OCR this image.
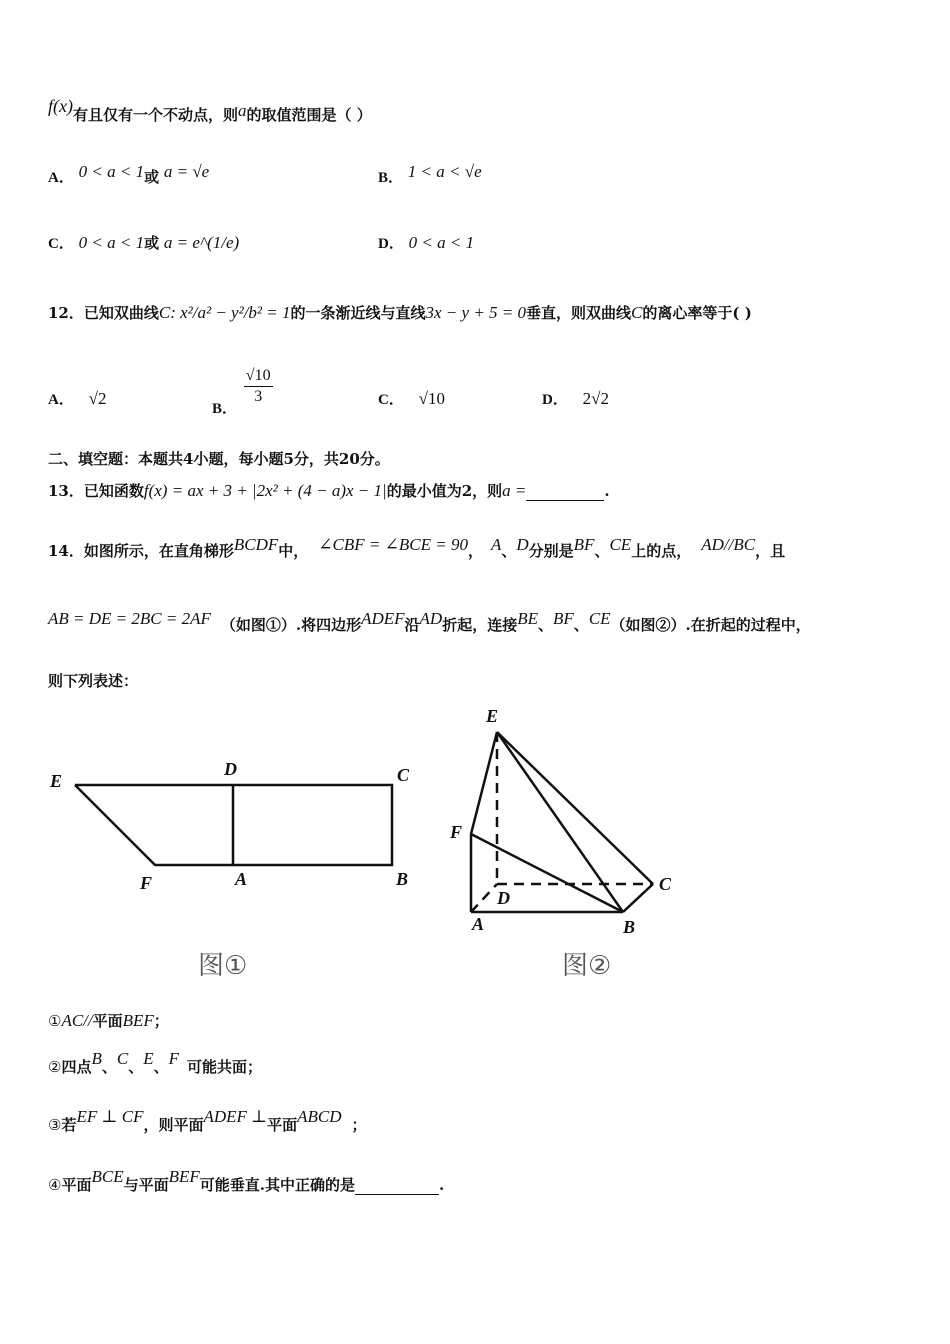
f(x)有且仅有一个不动点，则a的取值范围是（ ）
A． 0 < a < 1或 a = √e	B． 1 < a < √e
C． 0 < a < 1或 a = e^(1/e)	D． 0 < a < 1
12．已知双曲线C: x²/a² − y²/b² = 1的一条渐近线与直线3x − y + 5 = 0垂直，则双曲线C的离心率等于( )
A． √2
B．
$\frac{√10}{3}$	C． √10	D． 2√2
二、填空题：本题共4小题，每小题5分，共20分。
13．已知函数f(x) = ax + 3 + |2x² + (4 − a)x − 1|的最小值为2，则a =	.
14．如图所示，在直角梯形BCDF中， ∠CBF = ∠BCE = 90， A、D分别是BF、CE上的点， AD//BC，且
AB = DE = 2BC = 2AF （如图①）.将四边形ADEF沿AD折起，连接BE、BF、CE（如图②）.在折起的过程中，
则下列表述：
E
D	C
F	A	B
图①
E
F
D
C
A	B
图②
①AC//平面BEF；
②四点B、C、E、F 可能共面；
③若EF ⊥ CF，则平面ADEF ⊥平面ABCD ；
④平面BCE与平面BEF可能垂直.其中正确的是	.
